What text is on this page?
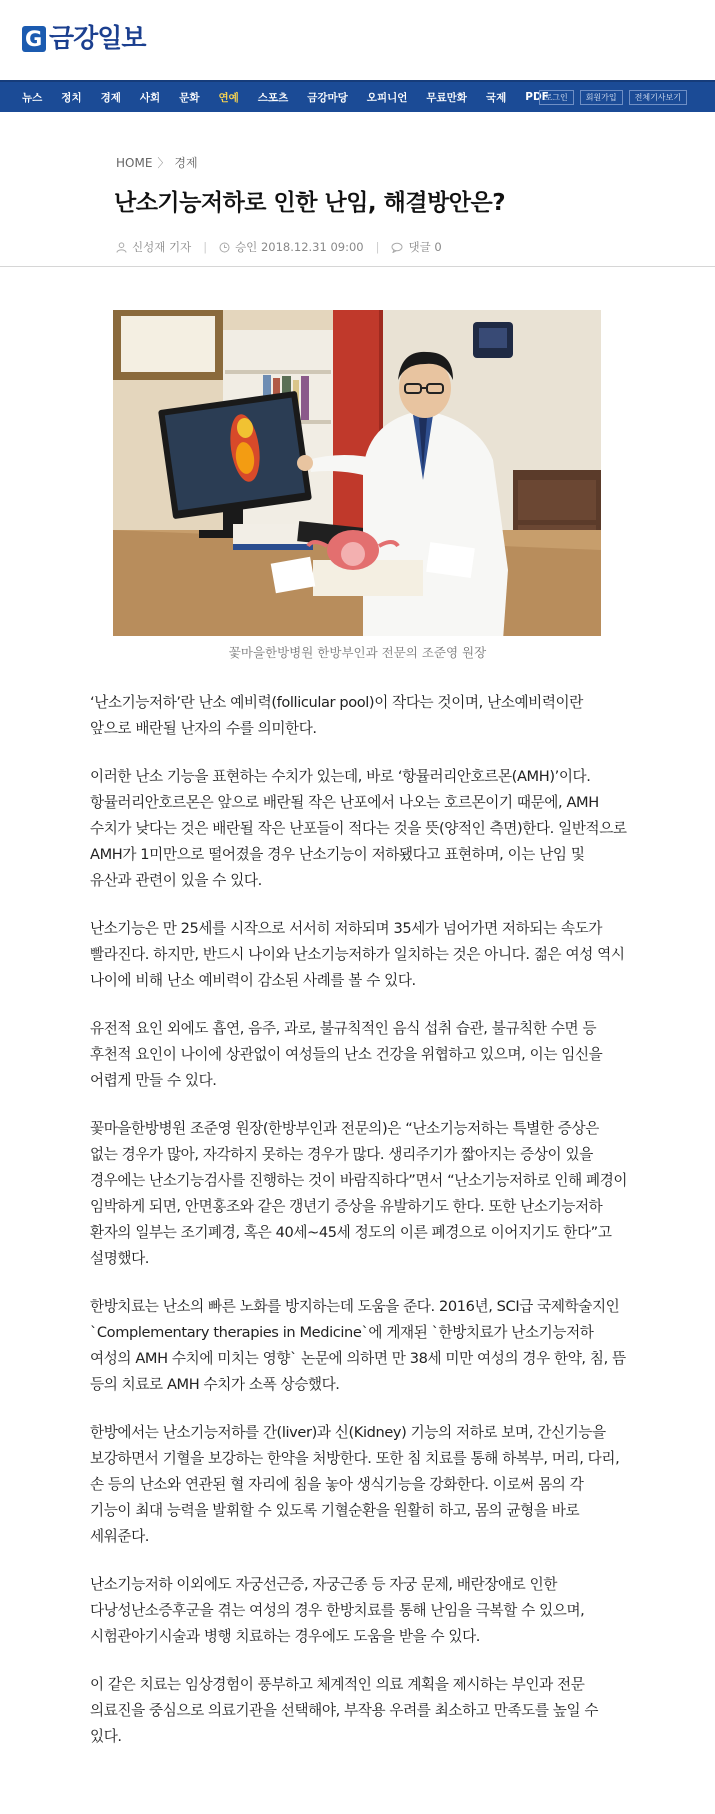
G 금강일보
뉴스 정치 경제 사회 문화 연예 스포츠 금강마당 오피니언 무료만화 국제 PDF
로그인	회원가입	전체기사보기
HOME 〉 경제
난소기능저하로 인한 난임, 해결방안은?
신성재 기자 | 승인 2018.12.31 09:00 |	댓글 0
꽃마을한방병원 한방부인과 전문의 조준영 원장

‘난소기능저하’란 난소 예비력(follicular pool)이 작다는 것이며, 난소예비력이란 앞으로 배란될 난자의 수를 의미한다.

이러한 난소 기능을 표현하는 수치가 있는데, 바로 ‘항뮬러리안호르몬(AMH)’이다. 항뮬러리안호르몬은 앞으로 배란될 작은 난포에서 나오는 호르몬이기 때문에, AMH 수치가 낮다는 것은 배란될 작은 난포들이 적다는 것을 뜻(양적인 측면)한다. 일반적으로 AMH가 1미만으로 떨어졌을 경우 난소기능이 저하됐다고 표현하며, 이는 난임 및 유산과 관련이 있을 수 있다.

난소기능은 만 25세를 시작으로 서서히 저하되며 35세가 넘어가면 저하되는 속도가 빨라진다. 하지만, 반드시 나이와 난소기능저하가 일치하는 것은 아니다. 젊은 여성 역시 나이에 비해 난소 예비력이 감소된 사례를 볼 수 있다.

유전적 요인 외에도 흡연, 음주, 과로, 불규칙적인 음식 섭취 습관, 불규칙한 수면 등 후천적 요인이 나이에 상관없이 여성들의 난소 건강을 위협하고 있으며, 이는 임신을 어렵게 만들 수 있다.

꽃마을한방병원 조준영 원장(한방부인과 전문의)은 “난소기능저하는 특별한 증상은 없는 경우가 많아, 자각하지 못하는 경우가 많다. 생리주기가 짧아지는 증상이 있을 경우에는 난소기능검사를 진행하는 것이 바람직하다”면서 “난소기능저하로 인해 폐경이 임박하게 되면, 안면홍조와 같은 갱년기 증상을 유발하기도 한다. 또한 난소기능저하 환자의 일부는 조기폐경, 혹은 40세~45세 정도의 이른 폐경으로 이어지기도 한다”고 설명했다.

한방치료는 난소의 빠른 노화를 방지하는데 도움을 준다. 2016년, SCI급 국제학술지인 `Complementary therapies in Medicine`에 게재된 `한방치료가 난소기능저하 여성의 AMH 수치에 미치는 영향` 논문에 의하면 만 38세 미만 여성의 경우 한약, 침, 뜸 등의 치료로 AMH 수치가 소폭 상승했다.

한방에서는 난소기능저하를 간(liver)과 신(Kidney) 기능의 저하로 보며, 간신기능을 보강하면서 기혈을 보강하는 한약을 처방한다. 또한 침 치료를 통해 하복부, 머리, 다리, 손 등의 난소와 연관된 혈 자리에 침을 놓아 생식기능을 강화한다. 이로써 몸의 각 기능이 최대 능력을 발휘할 수 있도록 기혈순환을 원활히 하고, 몸의 균형을 바로 세워준다.

난소기능저하 이외에도 자궁선근증, 자궁근종 등 자궁 문제, 배란장애로 인한 다낭성난소증후군을 겪는 여성의 경우 한방치료를 통해 난임을 극복할 수 있으며, 시험관아기시술과 병행 치료하는 경우에도 도움을 받을 수 있다.

이 같은 치료는 임상경험이 풍부하고 체계적인 의료 계획을 제시하는 부인과 전문 의료진을 중심으로 의료기관을 선택해야, 부작용 우려를 최소하고 만족도를 높일 수 있다.
